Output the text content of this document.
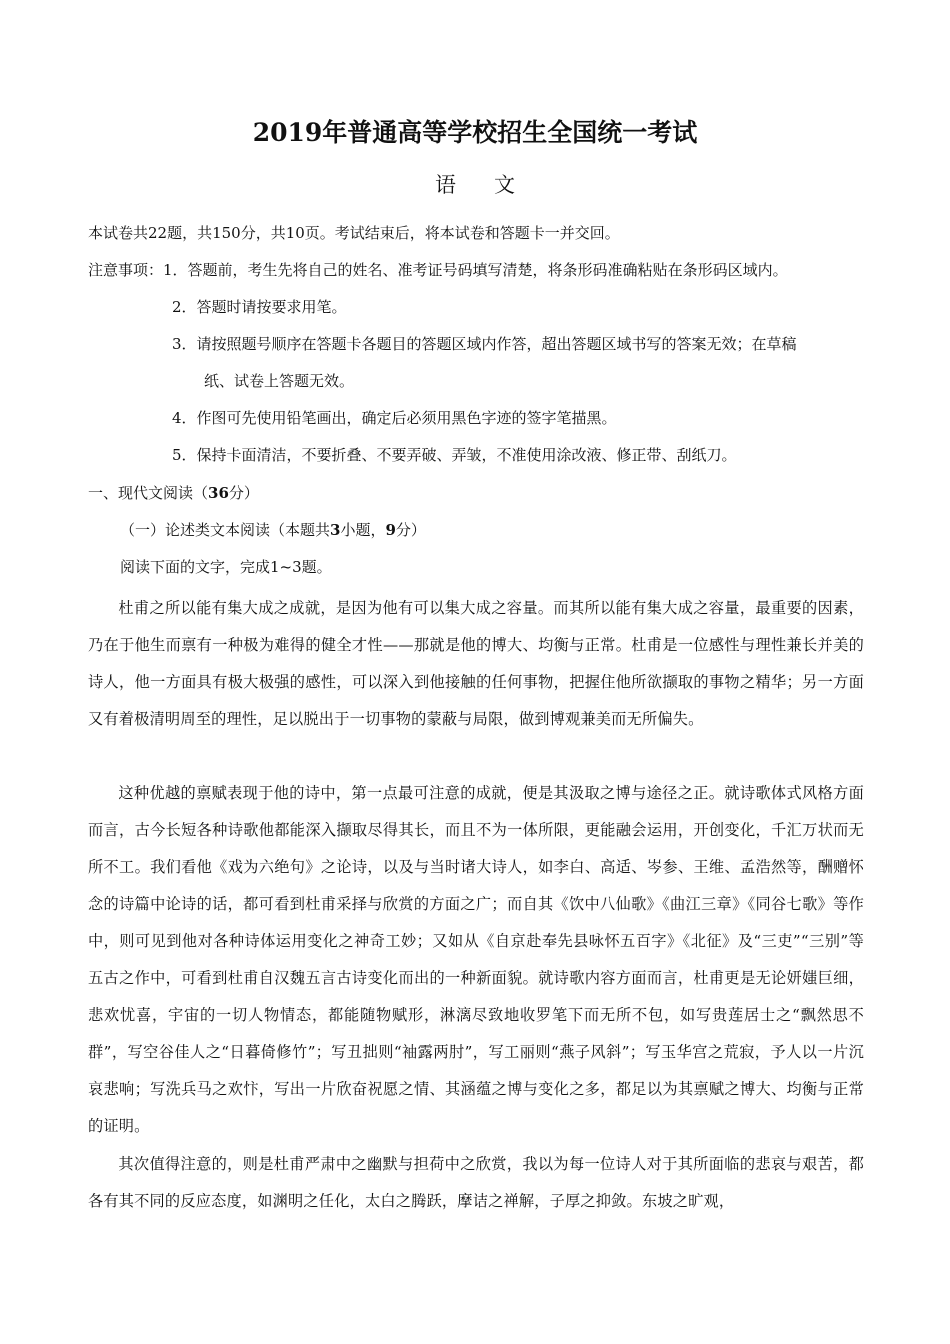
2019年普通高等学校招生全国统一考试
语文
本试卷共22题，共150分，共10页。考试结束后，将本试卷和答题卡一并交回。
注意事项：1．答题前，考生先将自己的姓名、准考证号码填写清楚，将条形码准确粘贴在条形码区域内。
2．答题时请按要求用笔。
3．请按照题号顺序在答题卡各题目的答题区域内作答，超出答题区域书写的答案无效；在草稿
纸、试卷上答题无效。
4．作图可先使用铅笔画出，确定后必须用黑色字迹的签字笔描黑。
5．保持卡面清洁，不要折叠、不要弄破、弄皱，不准使用涂改液、修正带、刮纸刀。
一、现代文阅读（36分）
（一）论述类文本阅读（本题共3小题，9分）
阅读下面的文字，完成1~3题。

杜甫之所以能有集大成之成就，是因为他有可以集大成之容量。而其所以能有集大成之容量，最重要的因素，乃在于他生而禀有一种极为难得的健全才性——那就是他的博大、均衡与正常。杜甫是一位感性与理性兼长并美的诗人，他一方面具有极大极强的感性，可以深入到他接触的任何事物，把握住他所欲撷取的事物之精华；另一方面又有着极清明周至的理性，足以脱出于一切事物的蒙蔽与局限，做到博观兼美而无所偏失。

这种优越的禀赋表现于他的诗中，第一点最可注意的成就，便是其汲取之博与途径之正。就诗歌体式风格方面而言，古今长短各种诗歌他都能深入撷取尽得其长，而且不为一体所限，更能融会运用，开创变化，千汇万状而无所不工。我们看他《戏为六绝句》之论诗，以及与当时诸大诗人，如李白、高适、岑参、王维、孟浩然等，酬赠怀念的诗篇中论诗的话，都可看到杜甫采择与欣赏的方面之广；而自其《饮中八仙歌》《曲江三章》《同谷七歌》等作中，则可见到他对各种诗体运用变化之神奇工妙；又如从《自京赴奉先县咏怀五百字》《北征》及“三吏”“三别”等五古之作中，可看到杜甫自汉魏五言古诗变化而出的一种新面貌。就诗歌内容方面而言，杜甫更是无论妍媸巨细，悲欢忧喜，宇宙的一切人物情态，都能随物赋形，淋漓尽致地收罗笔下而无所不包，如写贵莲居士之“飘然思不群”，写空谷佳人之“日暮倚修竹”；写丑拙则“袖露两肘”，写工丽则“燕子风斜”；写玉华宫之荒寂，予人以一片沉哀悲响；写洗兵马之欢忭，写出一片欣奋祝愿之情、其涵蕴之博与变化之多，都足以为其禀赋之博大、均衡与正常的证明。

其次值得注意的，则是杜甫严肃中之幽默与担荷中之欣赏，我以为每一位诗人对于其所面临的悲哀与艰苦，都各有其不同的反应态度，如渊明之任化，太白之腾跃，摩诘之禅解，子厚之抑敛。东坡之旷观，
